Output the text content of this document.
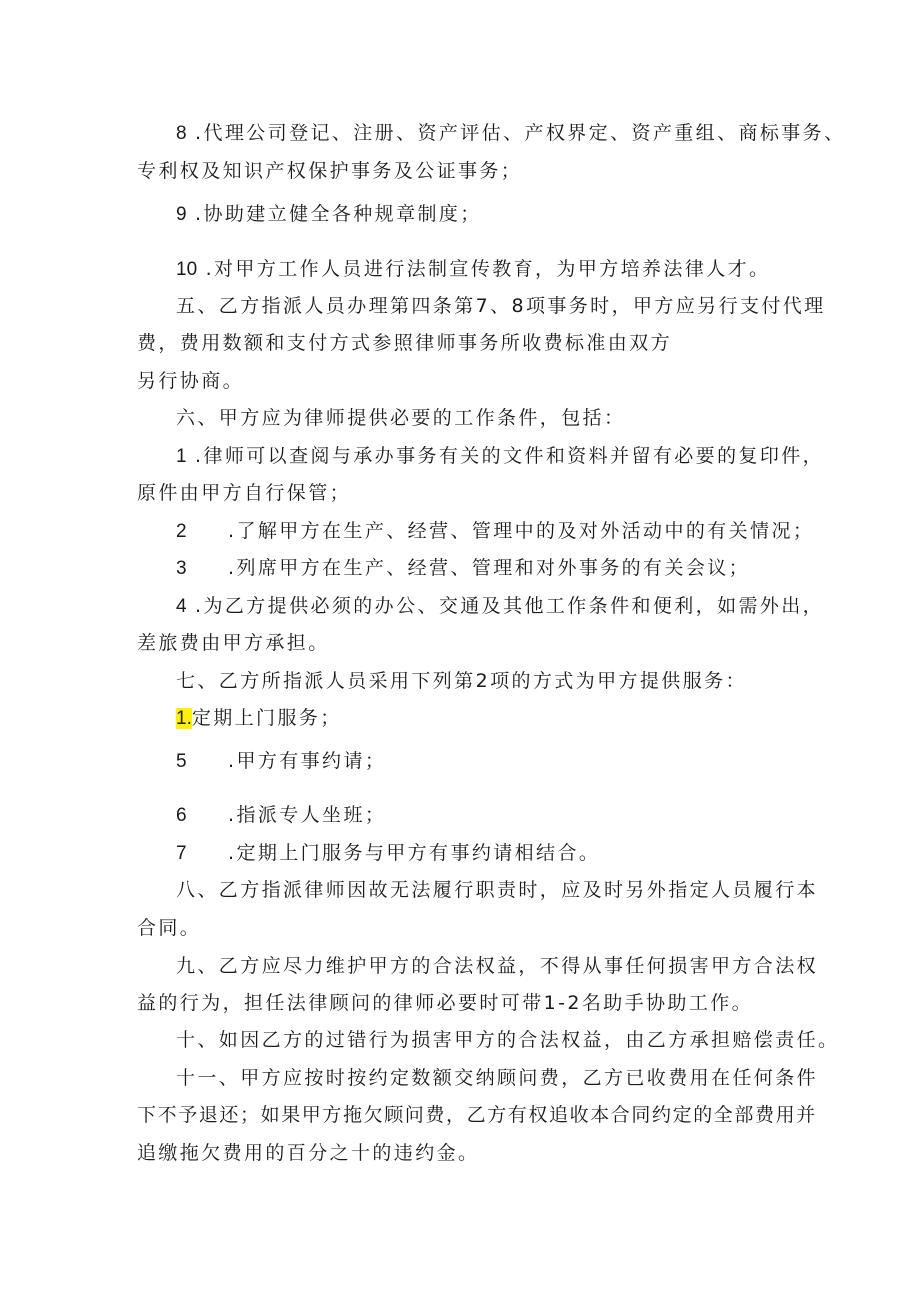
8 .代理公司登记、注册、资产评估、产权界定、资产重组、商标事务、
专利权及知识产权保护事务及公证事务；
9 .协助建立健全各种规章制度；
10 .对甲方工作人员进行法制宣传教育，为甲方培养法律人才。
五、乙方指派人员办理第四条第7、8项事务时，甲方应另行支付代理
费，费用数额和支付方式参照律师事务所收费标准由双方
另行协商。
六、甲方应为律师提供必要的工作条件，包括：
1 .律师可以查阅与承办事务有关的文件和资料并留有必要的复印件，
原件由甲方自行保管；
2 .了解甲方在生产、经营、管理中的及对外活动中的有关情况；
3 .列席甲方在生产、经营、管理和对外事务的有关会议；
4 .为乙方提供必须的办公、交通及其他工作条件和便利，如需外出，
差旅费由甲方承担。
七、乙方所指派人员采用下列第2项的方式为甲方提供服务：
1.定期上门服务；
5 .甲方有事约请；
6 .指派专人坐班；
7 .定期上门服务与甲方有事约请相结合。
八、乙方指派律师因故无法履行职责时，应及时另外指定人员履行本
合同。
九、乙方应尽力维护甲方的合法权益，不得从事任何损害甲方合法权
益的行为，担任法律顾问的律师必要时可带1-2名助手协助工作。
十、如因乙方的过错行为损害甲方的合法权益，由乙方承担赔偿责任。
十一、甲方应按时按约定数额交纳顾问费，乙方已收费用在任何条件
下不予退还；如果甲方拖欠顾问费，乙方有权追收本合同约定的全部费用并
追缴拖欠费用的百分之十的违约金。
